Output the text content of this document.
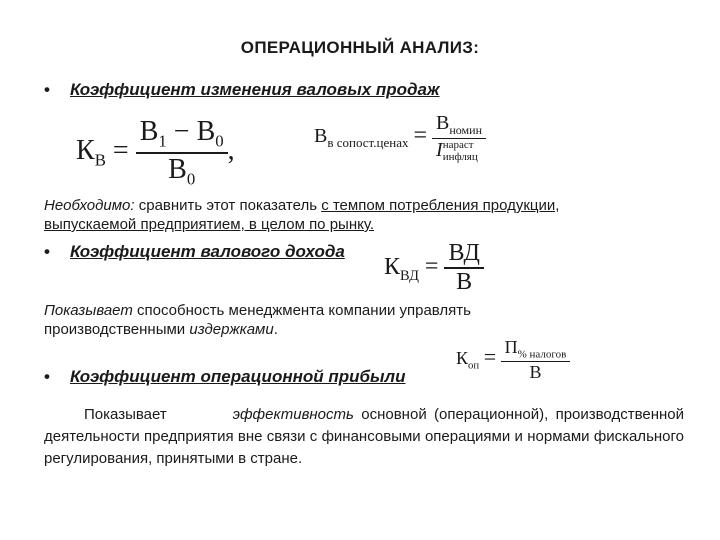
ОПЕРАЦИОННЫЙ АНАЛИЗ:
• Коэффициент изменения валовых продаж
$К_В = \frac{В_1 - В_0}{В_0}$ ,	$В_{в сопост.ценах} = В_{номин}$
I нараст
инфляц
Необходимо: сравнить этот показатель с темпом потребления продукции,
выпускаемой предприятием, в целом по рынку.
• Коэффициент валового дохода
$К_{ВД} = \frac{ВД}{В}$
Показывает способность менеджмента компании управлять
производственными издержками.
• Коэффициент операционной прибыли
$К_{оп} = \frac{П_{\% налогов}}{В}$
Показывает	эффективность основной (операционной), производственной деятельности предприятия вне связи с финансовыми операциями и нормами фискального регулирования, принятыми в стране.
